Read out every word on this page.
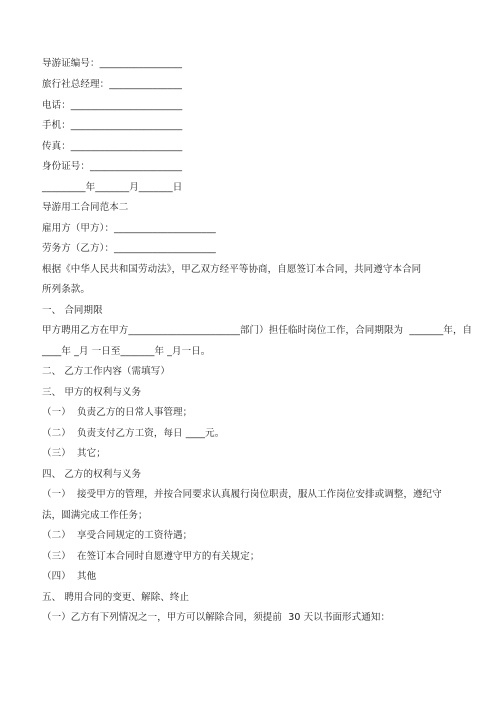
导游证编号：_________________
旅行社总经理：_______________
电话：_______________________
手机：_______________________
传真：_______________________
身份证号：___________________
_________年_______月_______日
导游用工合同范本二
雇用方（甲方）：_____________________
劳务方（乙方）：_____________________
根据《中华人民共和国劳动法》，甲乙双方经平等协商，自愿签订本合同，共同遵守本合同
所列条款。
一、 合同期限
甲方聘用乙方在甲方_______________________部门）担任临时岗位工作，合同期限为  _______年，自
____年 _月 一日至_______年 _月一日。
二、 乙方工作内容（需填写）
三、 甲方的权利与义务
（一）  负责乙方的日常人事管理；
（二）  负责支付乙方工资，每日 ____元。
（三）  其它；
四、 乙方的权利与义务
（一）  接受甲方的管理，并按合同要求认真履行岗位职责，服从工作岗位安排或调整，遵纪守
法，圆满完成工作任务；
（二）  享受合同规定的工资待遇；
（三）  在签订本合同时自愿遵守甲方的有关规定；
（四）  其他
五、 聘用合同的变更、解除、终止
（一）乙方有下列情况之一，甲方可以解除合同，须提前  30 天以书面形式通知：
